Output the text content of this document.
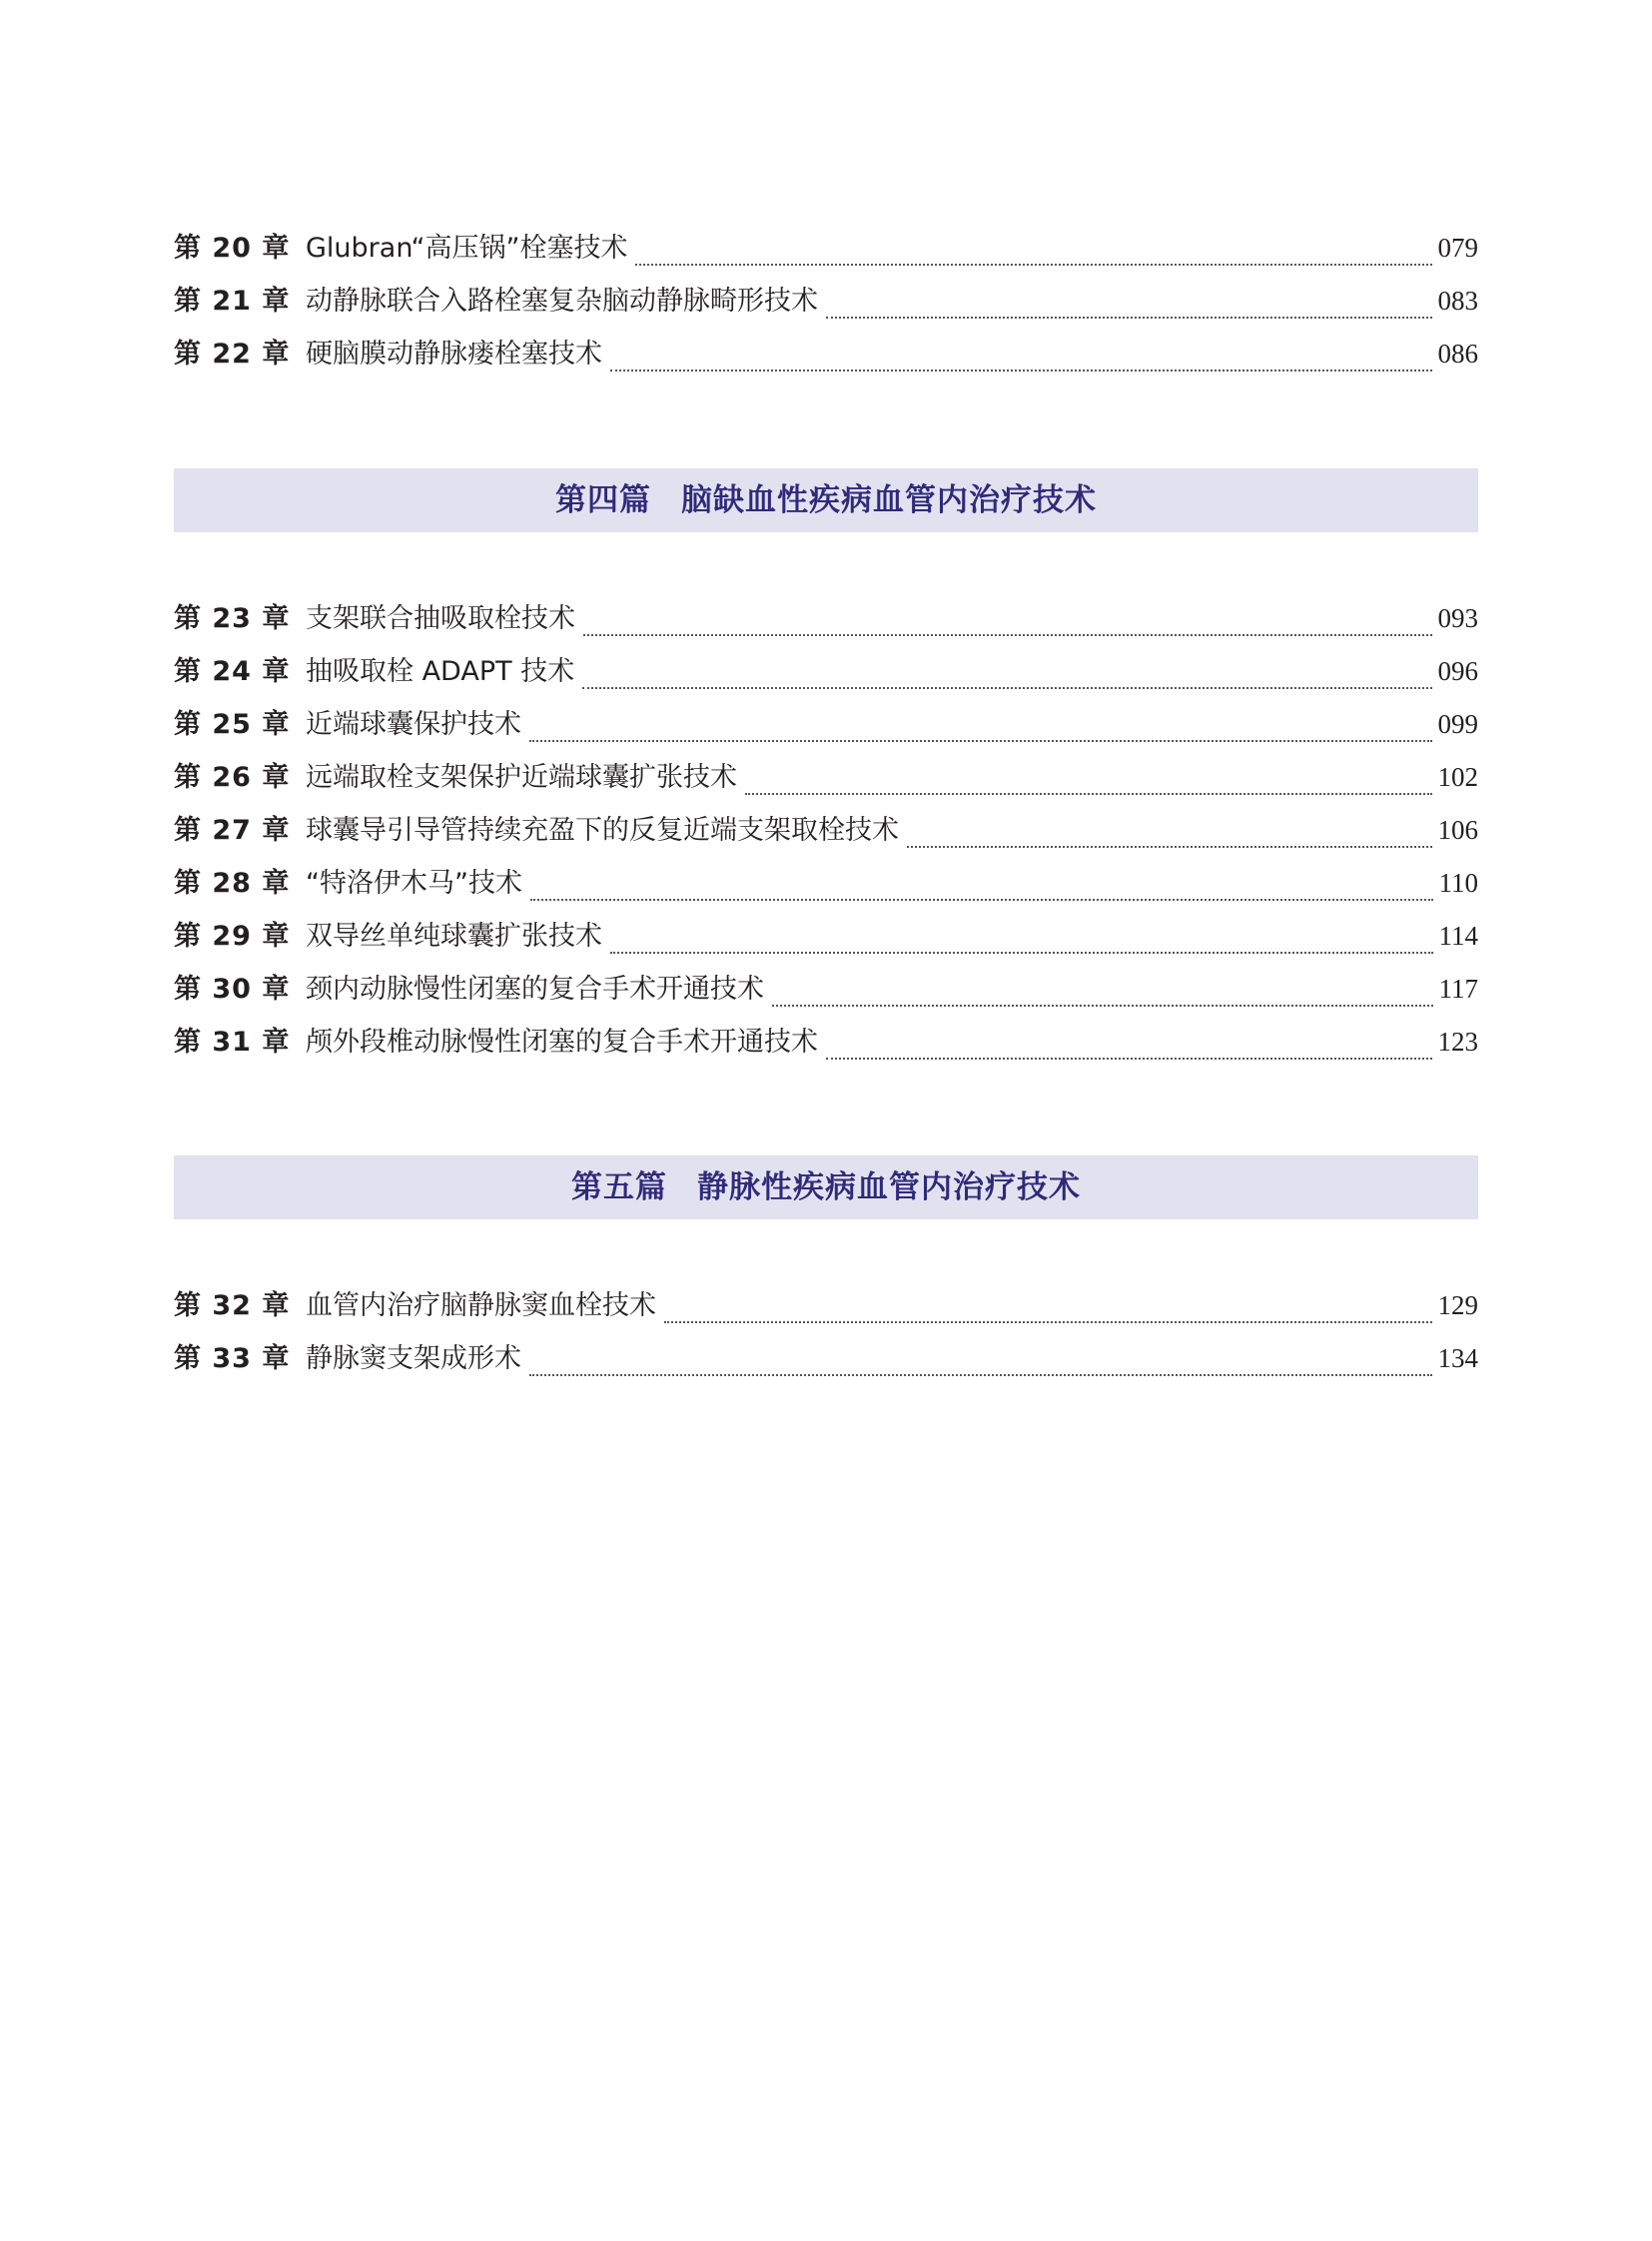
第 20 章 Glubran“高压锅”栓塞技术	079
第 21 章 动静脉联合入路栓塞复杂脑动静脉畸形技术	083
第 22 章 硬脑膜动静脉瘘栓塞技术	086
第四篇 脑缺血性疾病血管内治疗技术
第 23 章 支架联合抽吸取栓技术	093
第 24 章 抽吸取栓 ADAPT 技术	096
第 25 章 近端球囊保护技术	099
第 26 章 远端取栓支架保护近端球囊扩张技术	102
第 27 章 球囊导引导管持续充盈下的反复近端支架取栓技术	106
第 28 章 “特洛伊木马”技术	110
第 29 章 双导丝单纯球囊扩张技术	114
第 30 章 颈内动脉慢性闭塞的复合手术开通技术	117
第 31 章 颅外段椎动脉慢性闭塞的复合手术开通技术	123
第五篇 静脉性疾病血管内治疗技术
第 32 章 血管内治疗脑静脉窦血栓技术	129
第 33 章 静脉窦支架成形术	134
